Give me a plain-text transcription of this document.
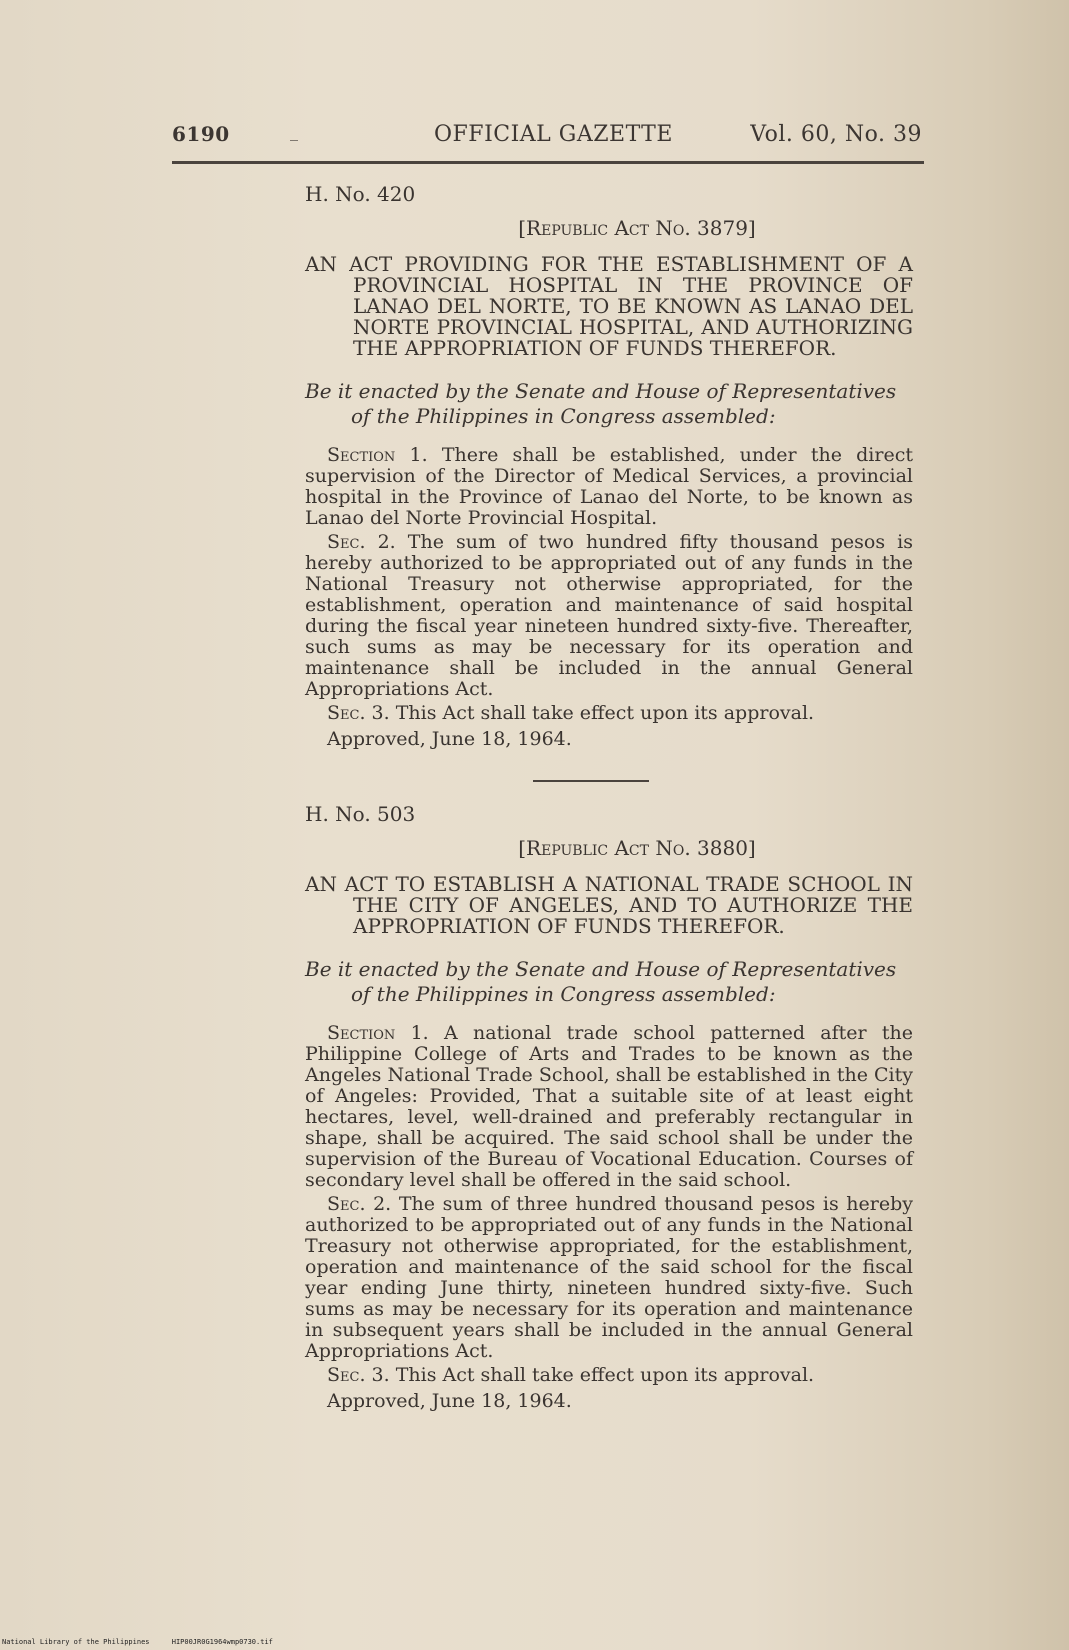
6190	_	OFFICIAL GAZETTE	Vol. 60, No. 39

H. No. 420

[Republic Act No. 3879]

AN ACT PROVIDING FOR THE ESTABLISHMENT OF A PROVINCIAL HOSPITAL IN THE PROVINCE OF LANAO DEL NORTE, TO BE KNOWN AS LANAO DEL NORTE PROVINCIAL HOSPITAL, AND AUTHORIZING THE APPROPRIATION OF FUNDS THEREFOR.

Be it enacted by the Senate and House of Representatives of the Philippines in Congress assembled:

Section 1. There shall be established, under the direct supervision of the Director of Medical Services, a provincial hospital in the Province of Lanao del Norte, to be known as Lanao del Norte Provincial Hospital.

Sec. 2. The sum of two hundred fifty thousand pesos is hereby authorized to be appropriated out of any funds in the National Treasury not otherwise appropriated, for the establishment, operation and maintenance of said hospital during the fiscal year nineteen hundred sixty-five. Thereafter, such sums as may be necessary for its operation and maintenance shall be included in the annual General Appropriations Act.

Sec. 3. This Act shall take effect upon its approval.

Approved, June 18, 1964.

H. No. 503

[Republic Act No. 3880]

AN ACT TO ESTABLISH A NATIONAL TRADE SCHOOL IN THE CITY OF ANGELES, AND TO AUTHORIZE THE APPROPRIATION OF FUNDS THEREFOR.

Be it enacted by the Senate and House of Representatives of the Philippines in Congress assembled:

Section 1. A national trade school patterned after the Philippine College of Arts and Trades to be known as the Angeles National Trade School, shall be established in the City of Angeles: Provided, That a suitable site of at least eight hectares, level, well-drained and preferably rectangular in shape, shall be acquired. The said school shall be under the supervision of the Bureau of Vocational Education. Courses of secondary level shall be offered in the said school.

Sec. 2. The sum of three hundred thousand pesos is hereby authorized to be appropriated out of any funds in the National Treasury not otherwise appropriated, for the establishment, operation and maintenance of the said school for the fiscal year ending June thirty, nineteen hundred sixty-five. Such sums as may be necessary for its operation and maintenance in subsequent years shall be included in the annual General Appropriations Act.

Sec. 3. This Act shall take effect upon its approval.

Approved, June 18, 1964.

National Library of the Philippines	HIP00JR0G1964wmp0730.tif
